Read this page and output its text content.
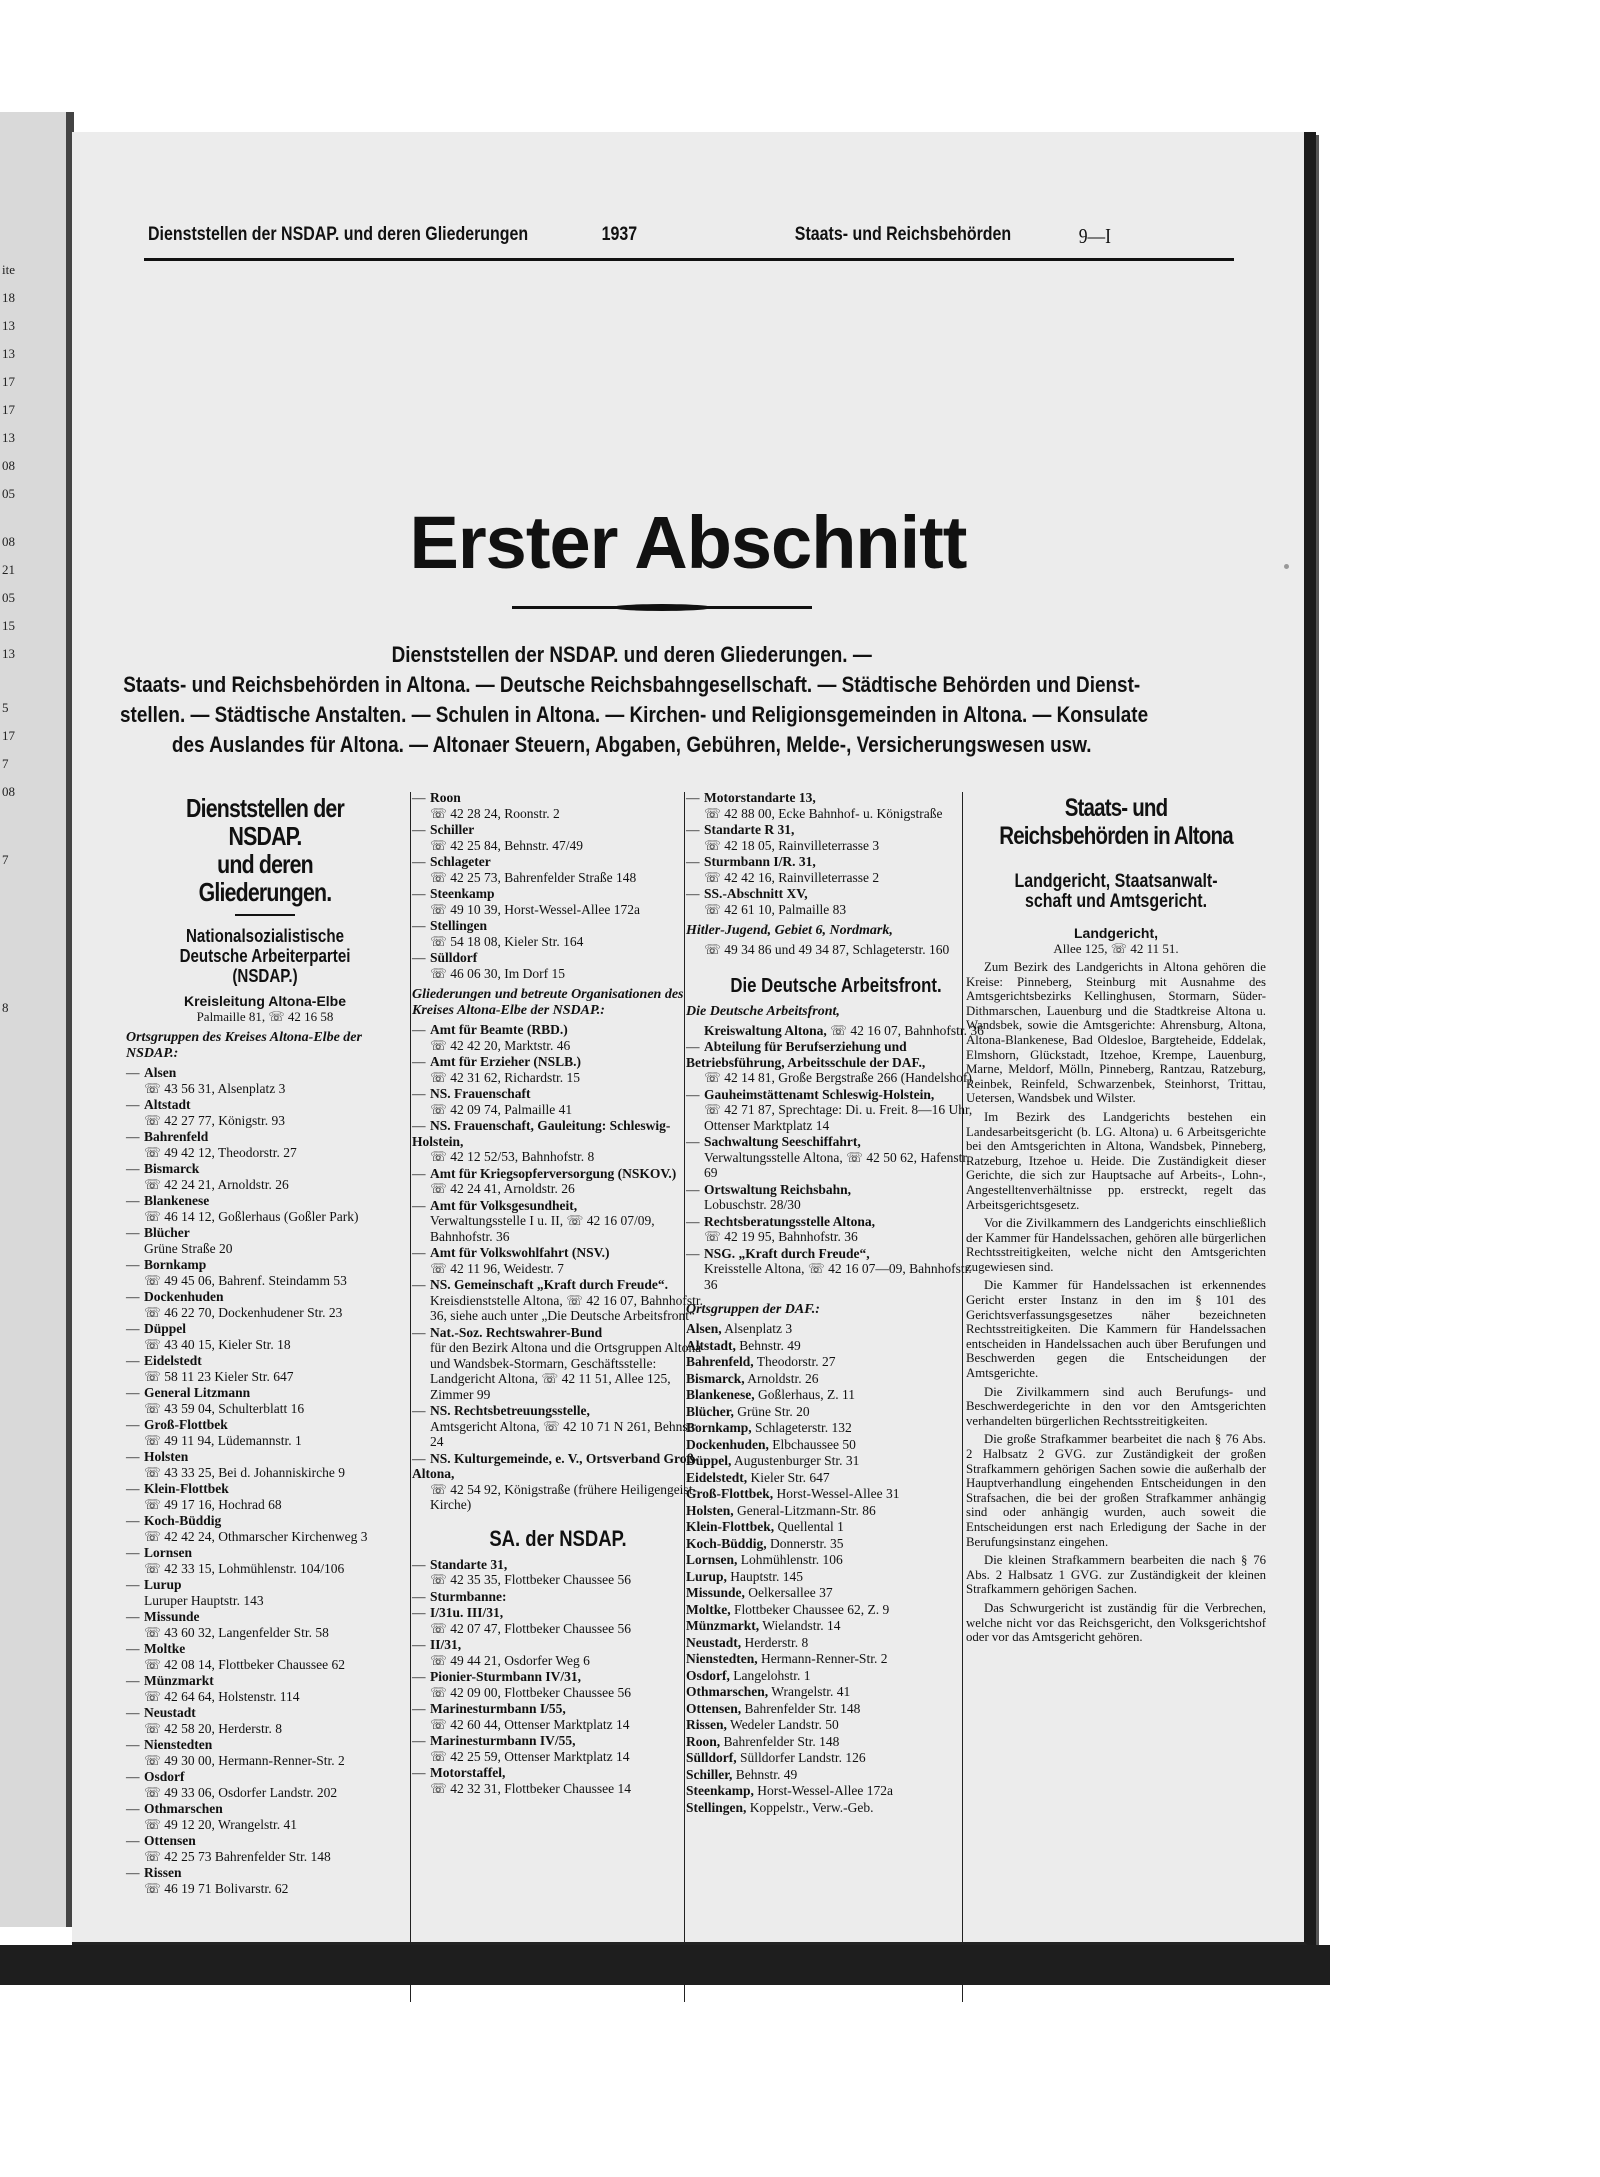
ite
18
13
13
17
17
13
08
05
08
21
05
15
13
5
17
7
08
7
8
Dienststellen der NSDAP. und deren Gliederungen	1937	Staats- und Reichsbehörden	9—I
Erster Abschnitt
Dienststellen der NSDAP. und deren Gliederungen. —
Staats- und Reichsbehörden in Altona. — Deutsche Reichsbahngesellschaft. — Städtische Behörden und Dienst-
stellen. — Städtische Anstalten. — Schulen in Altona. — Kirchen- und Religionsgemeinden in Altona. — Konsulate
des Auslandes für Altona. — Altonaer Steuern, Abgaben, Gebühren, Melde-, Versicherungswesen usw.
Dienststellen der NSDAP.
und deren Gliederungen.
Nationalsozialistische
Deutsche Arbeiterpartei
(NSDAP.)
Kreisleitung Altona-Elbe
Palmaille 81, ☏ 42 16 58
Ortsgruppen des Kreises Altona-Elbe der NSDAP.:
— Alsen
☏ 43 56 31, Alsenplatz 3
— Altstadt
☏ 42 27 77, Königstr. 93
— Bahrenfeld
☏ 49 42 12, Theodorstr. 27
— Bismarck
☏ 42 24 21, Arnoldstr. 26
— Blankenese
☏ 46 14 12, Goßlerhaus (Goßler Park)
— Blücher
Grüne Straße 20
— Bornkamp
☏ 49 45 06, Bahrenf. Steindamm 53
— Dockenhuden
☏ 46 22 70, Dockenhudener Str. 23
— Düppel
☏ 43 40 15, Kieler Str. 18
— Eidelstedt
☏ 58 11 23 Kieler Str. 647
— General Litzmann
☏ 43 59 04, Schulterblatt 16
— Groß-Flottbek
☏ 49 11 94, Lüdemannstr. 1
— Holsten
☏ 43 33 25, Bei d. Johanniskirche 9
— Klein-Flottbek
☏ 49 17 16, Hochrad 68
— Koch-Büddig
☏ 42 42 24, Othmarscher Kirchenweg 3
— Lornsen
☏ 42 33 15, Lohmühlenstr. 104/106
— Lurup
Luruper Hauptstr. 143
— Missunde
☏ 43 60 32, Langenfelder Str. 58
— Moltke
☏ 42 08 14, Flottbeker Chaussee 62
— Münzmarkt
☏ 42 64 64, Holstenstr. 114
— Neustadt
☏ 42 58 20, Herderstr. 8
— Nienstedten
☏ 49 30 00, Hermann-Renner-Str. 2
— Osdorf
☏ 49 33 06, Osdorfer Landstr. 202
— Othmarschen
☏ 49 12 20, Wrangelstr. 41
— Ottensen
☏ 42 25 73 Bahrenfelder Str. 148
— Rissen
☏ 46 19 71 Bolivarstr. 62
— Roon
☏ 42 28 24, Roonstr. 2
— Schiller
☏ 42 25 84, Behnstr. 47/49
— Schlageter
☏ 42 25 73, Bahrenfelder Straße 148
— Steenkamp
☏ 49 10 39, Horst-Wessel-Allee 172a
— Stellingen
☏ 54 18 08, Kieler Str. 164
— Sülldorf
☏ 46 06 30, Im Dorf 15
Gliederungen und betreute Organisationen des Kreises Altona-Elbe der NSDAP.:
— Amt für Beamte (RBD.)
☏ 42 42 20, Marktstr. 46
— Amt für Erzieher (NSLB.)
☏ 42 31 62, Richardstr. 15
— NS. Frauenschaft
☏ 42 09 74, Palmaille 41
— NS. Frauenschaft, Gauleitung: Schleswig-Holstein,
☏ 42 12 52/53, Bahnhofstr. 8
— Amt für Kriegsopferversorgung (NSKOV.)
☏ 42 24 41, Arnoldstr. 26
— Amt für Volksgesundheit,
Verwaltungsstelle I u. II, ☏ 42 16 07/09, Bahnhofstr. 36
— Amt für Volkswohlfahrt (NSV.)
☏ 42 11 96, Weidestr. 7
— NS. Gemeinschaft „Kraft durch Freude“.
Kreisdienststelle Altona, ☏ 42 16 07, Bahnhofstr. 36, siehe auch unter „Die Deutsche Arbeitsfront“
— Nat.-Soz. Rechtswahrer-Bund
für den Bezirk Altona und die Ortsgruppen Altona und Wandsbek-Stormarn, Geschäftsstelle: Landgericht Altona, ☏ 42 11 51, Allee 125, Zimmer 99
— NS. Rechtsbetreuungsstelle,
Amtsgericht Altona, ☏ 42 10 71 N 261, Behnstr. 24
— NS. Kulturgemeinde, e. V., Ortsverband Groß-Altona,
☏ 42 54 92, Königstraße (frühere Heiligengeist-Kirche)
SA. der NSDAP.
— Standarte 31,
☏ 42 35 35, Flottbeker Chaussee 56
— Sturmbanne:
— I/31u. III/31,
☏ 42 07 47, Flottbeker Chaussee 56
— II/31,
☏ 49 44 21, Osdorfer Weg 6
— Pionier-Sturmbann IV/31,
☏ 42 09 00, Flottbeker Chaussee 56
— Marinesturmbann I/55,
☏ 42 60 44, Ottenser Marktplatz 14
— Marinesturmbann IV/55,
☏ 42 25 59, Ottenser Marktplatz 14
— Motorstaffel,
☏ 42 32 31, Flottbeker Chaussee 14
— Motorstandarte 13,
☏ 42 88 00, Ecke Bahnhof- u. Königstraße
— Standarte R 31,
☏ 42 18 05, Rainvilleterrasse 3
— Sturmbann I/R. 31,
☏ 42 42 16, Rainvilleterrasse 2
— SS.-Abschnitt XV,
☏ 42 61 10, Palmaille 83
Hitler-Jugend, Gebiet 6, Nordmark,
☏ 49 34 86 und 49 34 87, Schlageterstr. 160
Die Deutsche Arbeitsfront.
Die Deutsche Arbeitsfront,
Kreiswaltung Altona, ☏ 42 16 07, Bahnhofstr. 36
— Abteilung für Berufserziehung und Betriebsführung, Arbeitsschule der DAF.,
☏ 42 14 81, Große Bergstraße 266 (Handelshof)
— Gauheimstättenamt Schleswig-Holstein,
☏ 42 71 87, Sprechtage: Di. u. Freit. 8—16 Uhr, Ottenser Marktplatz 14
— Sachwaltung Seeschiffahrt,
Verwaltungsstelle Altona, ☏ 42 50 62, Hafenstr. 69
— Ortswaltung Reichsbahn,
Lobuschstr. 28/30
— Rechtsberatungsstelle Altona,
☏ 42 19 95, Bahnhofstr. 36
— NSG. „Kraft durch Freude“,
Kreisstelle Altona, ☏ 42 16 07—09, Bahnhofstr. 36
Ortsgruppen der DAF.:
Alsen, Alsenplatz 3
Altstadt, Behnstr. 49
Bahrenfeld, Theodorstr. 27
Bismarck, Arnoldstr. 26
Blankenese, Goßlerhaus, Z. 11
Blücher, Grüne Str. 20
Bornkamp, Schlageterstr. 132
Dockenhuden, Elbchaussee 50
Düppel, Augustenburger Str. 31
Eidelstedt, Kieler Str. 647
Groß-Flottbek, Horst-Wessel-Allee 31
Holsten, General-Litzmann-Str. 86
Klein-Flottbek, Quellental 1
Koch-Büddig, Donnerstr. 35
Lornsen, Lohmühlenstr. 106
Lurup, Hauptstr. 145
Missunde, Oelkersallee 37
Moltke, Flottbeker Chaussee 62, Z. 9
Münzmarkt, Wielandstr. 14
Neustadt, Herderstr. 8
Nienstedten, Hermann-Renner-Str. 2
Osdorf, Langelohstr. 1
Othmarschen, Wrangelstr. 41
Ottensen, Bahrenfelder Str. 148
Rissen, Wedeler Landstr. 50
Roon, Bahrenfelder Str. 148
Sülldorf, Sülldorfer Landstr. 126
Schiller, Behnstr. 49
Steenkamp, Horst-Wessel-Allee 172a
Stellingen, Koppelstr., Verw.-Geb.
Staats- und
Reichsbehörden in Altona
Landgericht, Staatsanwalt-
schaft und Amtsgericht.
Landgericht,
Allee 125, ☏ 42 11 51.
Zum Bezirk des Landgerichts in Altona gehören die Kreise: Pinneberg, Steinburg mit Ausnahme des Amtsgerichtsbezirks Kellinghusen, Stormarn, Süder-Dithmarschen, Lauenburg und die Stadtkreise Altona u. Wandsbek, sowie die Amtsgerichte: Ahrensburg, Altona, Altona-Blankenese, Bad Oldesloe, Bargteheide, Eddelak, Elmshorn, Glückstadt, Itzehoe, Krempe, Lauenburg, Marne, Meldorf, Mölln, Pinneberg, Rantzau, Ratzeburg, Reinbek, Reinfeld, Schwarzenbek, Steinhorst, Trittau, Uetersen, Wandsbek und Wilster.
Im Bezirk des Landgerichts bestehen ein Landesarbeitsgericht (b. LG. Altona) u. 6 Arbeitsgerichte bei den Amtsgerichten in Altona, Wandsbek, Pinneberg, Ratzeburg, Itzehoe u. Heide. Die Zuständigkeit dieser Gerichte, die sich zur Hauptsache auf Arbeits-, Lohn-, Angestelltenverhältnisse pp. erstreckt, regelt das Arbeitsgerichtsgesetz.
Vor die Zivilkammern des Landgerichts einschließlich der Kammer für Handelssachen, gehören alle bürgerlichen Rechtsstreitigkeiten, welche nicht den Amtsgerichten zugewiesen sind.
Die Kammer für Handelssachen ist erkennendes Gericht erster Instanz in den im § 101 des Gerichtsverfassungsgesetzes näher bezeichneten Rechtsstreitigkeiten. Die Kammern für Handelssachen entscheiden in Handelssachen auch über Berufungen und Beschwerden gegen die Entscheidungen der Amtsgerichte.
Die Zivilkammern sind auch Berufungs- und Beschwerdegerichte in den vor den Amtsgerichten verhandelten bürgerlichen Rechtsstreitigkeiten.
Die große Strafkammer bearbeitet die nach § 76 Abs. 2 Halbsatz 2 GVG. zur Zuständigkeit der großen Strafkammern gehörigen Sachen sowie die außerhalb der Hauptverhandlung eingehenden Entscheidungen in den Strafsachen, die bei der großen Strafkammer anhängig sind oder anhängig wurden, auch soweit die Entscheidungen erst nach Erledigung der Sache in der Berufungsinstanz eingehen.
Die kleinen Strafkammern bearbeiten die nach § 76 Abs. 2 Halbsatz 1 GVG. zur Zuständigkeit der kleinen Strafkammern gehörigen Sachen.
Das Schwurgericht ist zuständig für die Verbrechen, welche nicht vor das Reichsgericht, den Volksgerichtshof oder vor das Amtsgericht gehören.
